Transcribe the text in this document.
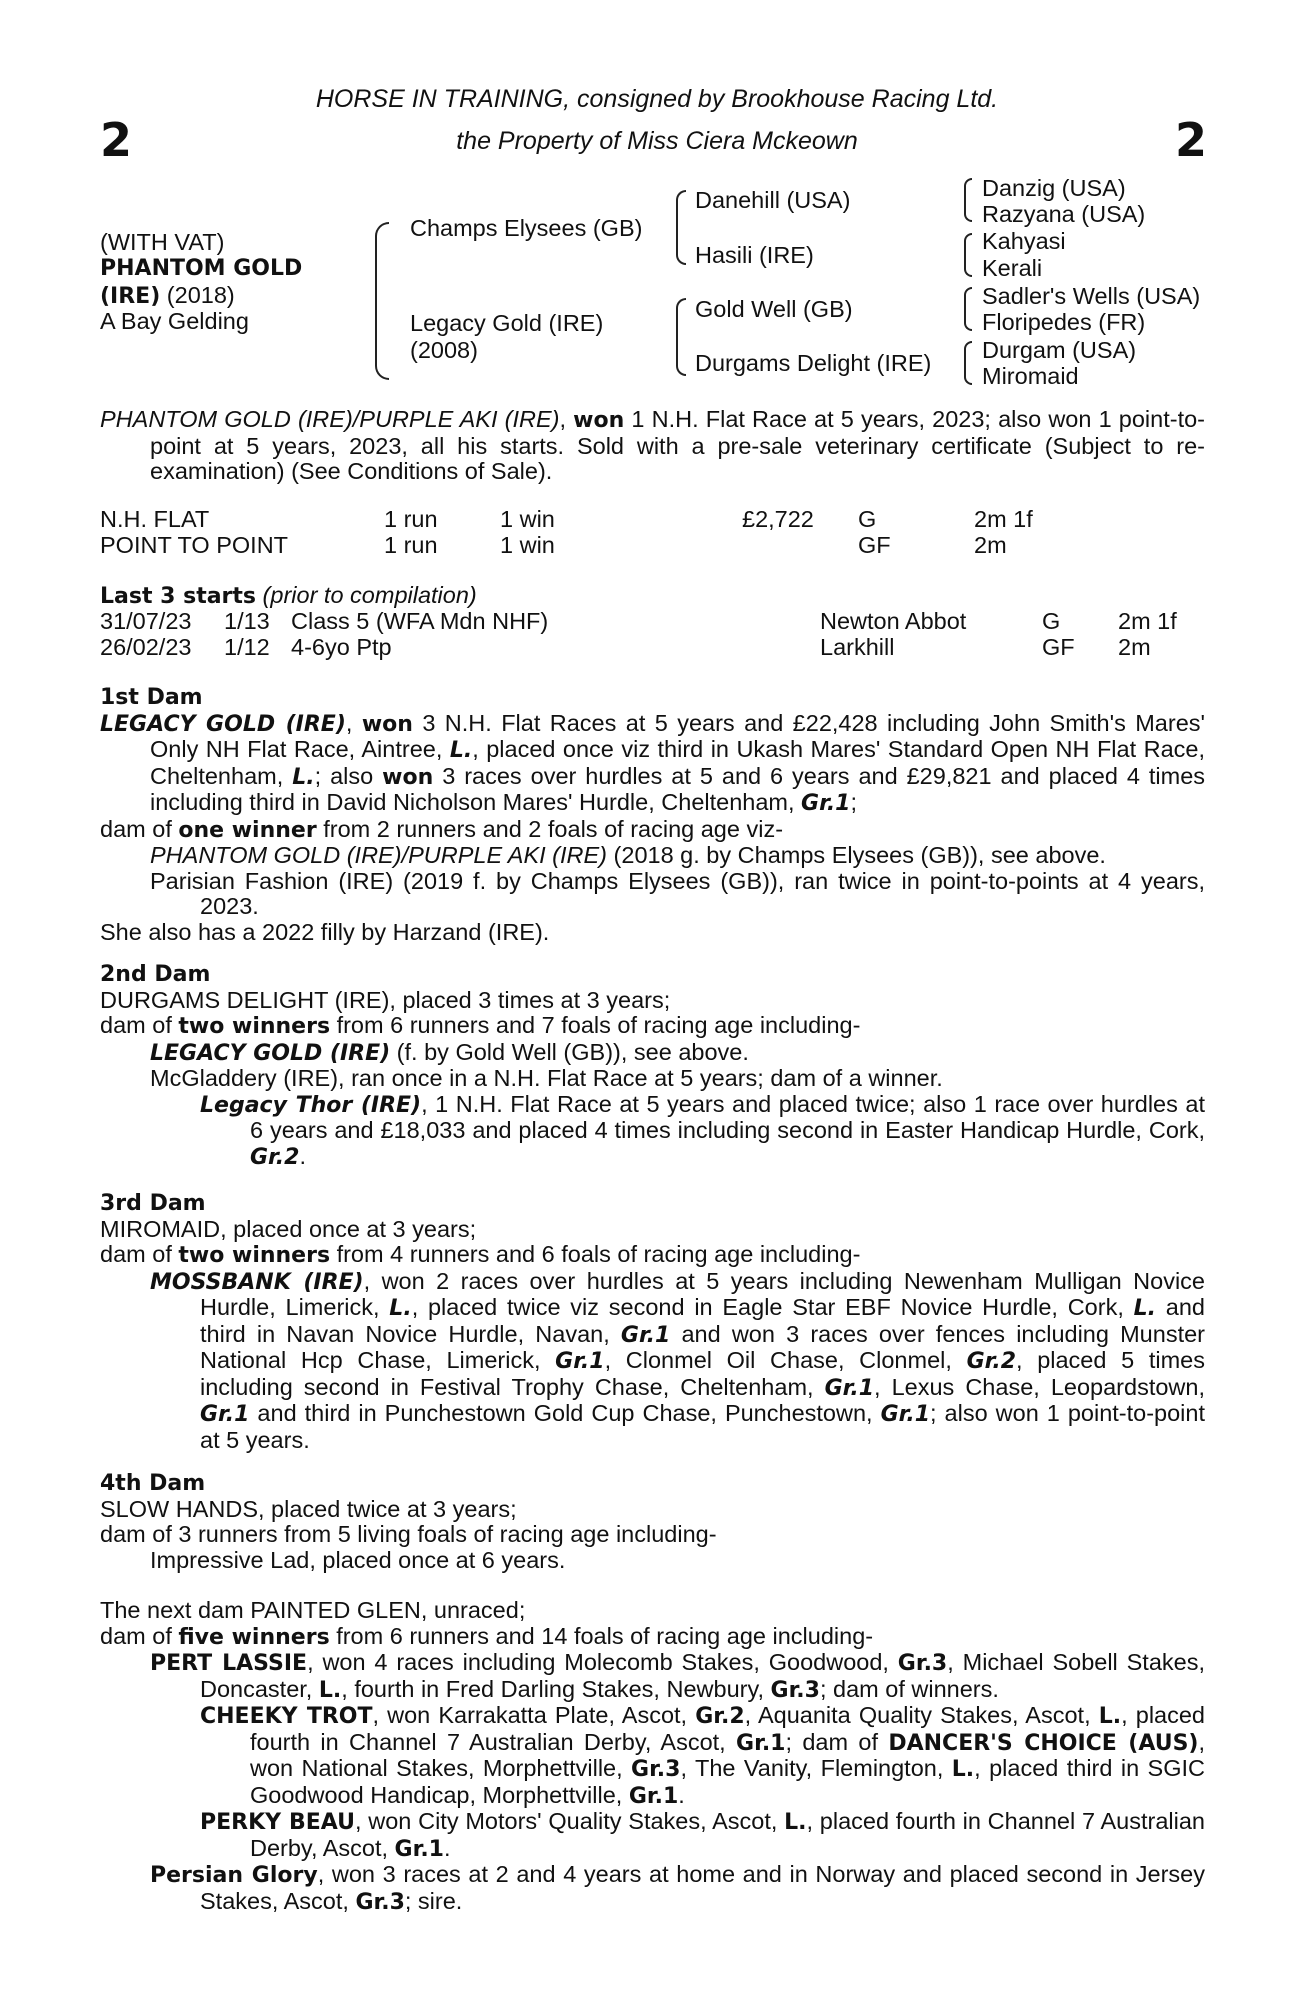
2	2
HORSE IN TRAINING, consigned by Brookhouse Racing Ltd.
the Property of Miss Ciera Mckeown
(WITH VAT)
PHANTOM GOLD
(IRE) (2018)
A Bay Gelding
Champs Elysees (GB)
Legacy Gold (IRE)
(2008)
Danehill (USA)
Hasili (IRE)
Gold Well (GB)
Durgams Delight (IRE)
Danzig (USA)
Razyana (USA)
Kahyasi
Kerali
Sadler's Wells (USA)
Floripedes (FR)
Durgam (USA)
Miromaid
PHANTOM GOLD (IRE)/PURPLE AKI (IRE), won 1 N.H. Flat Race at 5 years, 2023; also won 1 point-to-point at 5 years, 2023, all his starts. Sold with a pre-sale veterinary certificate (Subject to re-examination) (See Conditions of Sale).
N.H. FLAT	1 run	1 win	£2,722 G	2m 1f
POINT TO POINT	1 run	1 win	GF	2m
Last 3 starts (prior to compilation)
31/07/23 1/13 Class 5 (WFA Mdn NHF)	Newton Abbot	G 2m 1f
26/02/23 1/12 4-6yo Ptp	Larkhill	GF 2m
1st Dam
LEGACY GOLD (IRE), won 3 N.H. Flat Races at 5 years and £22,428 including John Smith's Mares' Only NH Flat Race, Aintree, L., placed once viz third in Ukash Mares' Standard Open NH Flat Race, Cheltenham, L.; also won 3 races over hurdles at 5 and 6 years and £29,821 and placed 4 times including third in David Nicholson Mares' Hurdle, Cheltenham, Gr.1;
dam of one winner from 2 runners and 2 foals of racing age viz-
PHANTOM GOLD (IRE)/PURPLE AKI (IRE) (2018 g. by Champs Elysees (GB)), see above.
Parisian Fashion (IRE) (2019 f. by Champs Elysees (GB)), ran twice in point-to-points at 4 years, 2023.
She also has a 2022 filly by Harzand (IRE).
2nd Dam
DURGAMS DELIGHT (IRE), placed 3 times at 3 years;
dam of two winners from 6 runners and 7 foals of racing age including-
LEGACY GOLD (IRE) (f. by Gold Well (GB)), see above.
McGladdery (IRE), ran once in a N.H. Flat Race at 5 years; dam of a winner.
Legacy Thor (IRE), 1 N.H. Flat Race at 5 years and placed twice; also 1 race over hurdles at 6 years and £18,033 and placed 4 times including second in Easter Handicap Hurdle, Cork, Gr.2.
3rd Dam
MIROMAID, placed once at 3 years;
dam of two winners from 4 runners and 6 foals of racing age including-
MOSSBANK (IRE), won 2 races over hurdles at 5 years including Newenham Mulligan Novice Hurdle, Limerick, L., placed twice viz second in Eagle Star EBF Novice Hurdle, Cork, L. and third in Navan Novice Hurdle, Navan, Gr.1 and won 3 races over fences including Munster National Hcp Chase, Limerick, Gr.1, Clonmel Oil Chase, Clonmel, Gr.2, placed 5 times including second in Festival Trophy Chase, Cheltenham, Gr.1, Lexus Chase, Leopardstown, Gr.1 and third in Punchestown Gold Cup Chase, Punchestown, Gr.1; also won 1 point-to-point at 5 years.
4th Dam
SLOW HANDS, placed twice at 3 years;
dam of 3 runners from 5 living foals of racing age including-
Impressive Lad, placed once at 6 years.
The next dam PAINTED GLEN, unraced;
dam of five winners from 6 runners and 14 foals of racing age including-
PERT LASSIE, won 4 races including Molecomb Stakes, Goodwood, Gr.3, Michael Sobell Stakes, Doncaster, L., fourth in Fred Darling Stakes, Newbury, Gr.3; dam of winners.
CHEEKY TROT, won Karrakatta Plate, Ascot, Gr.2, Aquanita Quality Stakes, Ascot, L., placed fourth in Channel 7 Australian Derby, Ascot, Gr.1; dam of DANCER'S CHOICE (AUS), won National Stakes, Morphettville, Gr.3, The Vanity, Flemington, L., placed third in SGIC Goodwood Handicap, Morphettville, Gr.1.
PERKY BEAU, won City Motors' Quality Stakes, Ascot, L., placed fourth in Channel 7 Australian Derby, Ascot, Gr.1.
Persian Glory, won 3 races at 2 and 4 years at home and in Norway and placed second in Jersey Stakes, Ascot, Gr.3; sire.
